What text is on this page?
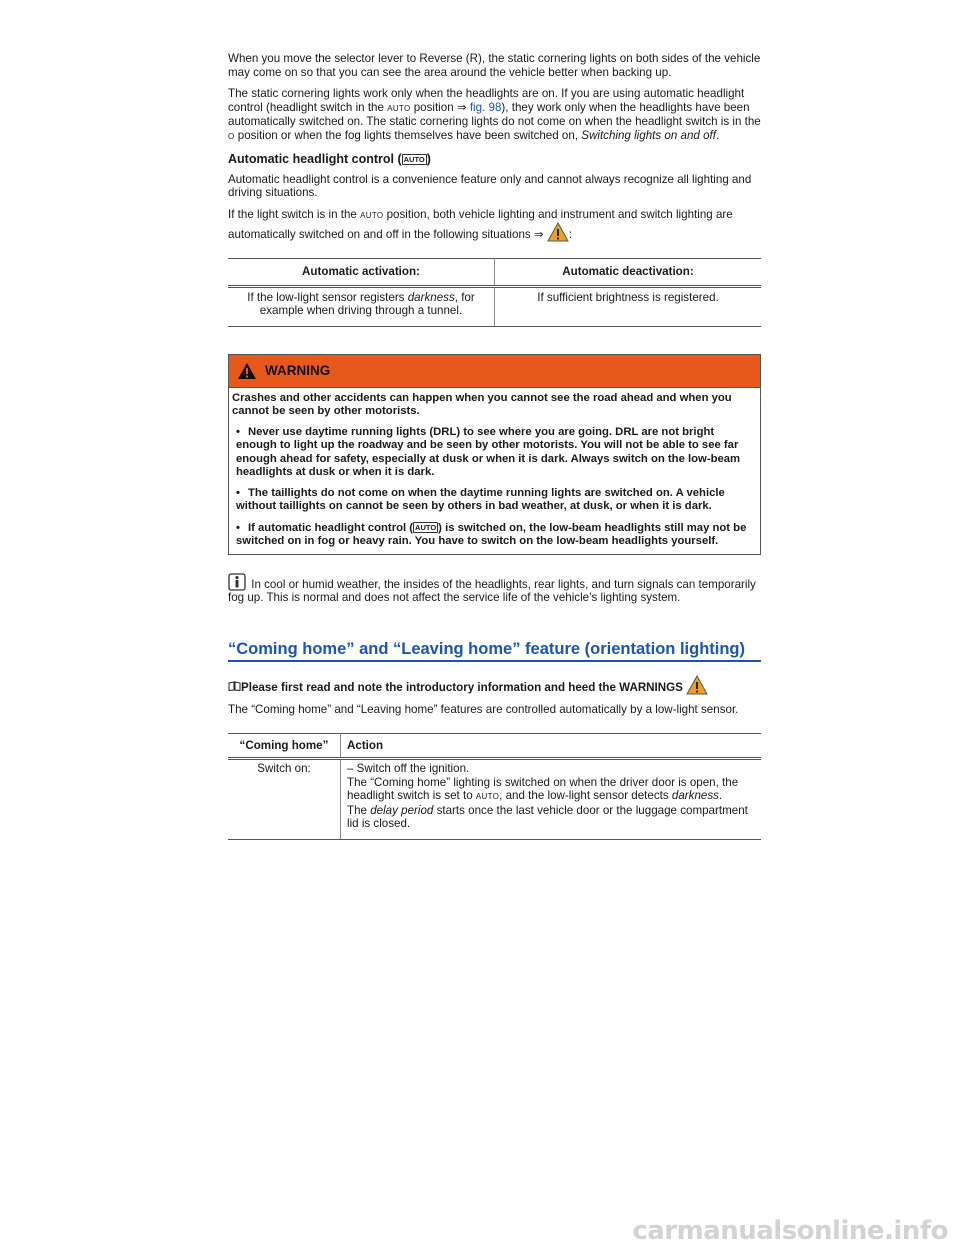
When you move the selector lever to Reverse (R), the static cornering lights on both sides of the vehicle may come on so that you can see the area around the vehicle better when backing up.

The static cornering lights work only when the headlights are on. If you are using automatic headlight control (headlight switch in the AUTO position ⇒ fig. 98), they work only when the headlights have been automatically switched on. The static cornering lights do not come on when the headlight switch is in the O position or when the fog lights themselves have been switched on, Switching lights on and off.

Automatic headlight control ( AUTO )

Automatic headlight control is a convenience feature only and cannot always recognize all lighting and driving situations.

If the light switch is in the AUTO position, both vehicle lighting and instrument and switch lighting are automatically switched on and off in the following situations ⇒ :

Automatic activation:	Automatic deactivation:
If the low-light sensor registers darkness, for example when driving through a tunnel.	If sufficient brightness is registered.
WARNING

Crashes and other accidents can happen when you cannot see the road ahead and when you cannot be seen by other motorists.

• Never use daytime running lights (DRL) to see where you are going. DRL are not bright enough to light up the roadway and be seen by other motorists. You will not be able to see far enough ahead for safety, especially at dusk or when it is dark. Always switch on the low-beam headlights at dusk or when it is dark.

• The taillights do not come on when the daytime running lights are switched on. A vehicle without taillights on cannot be seen by others in bad weather, at dusk, or when it is dark.

• If automatic headlight control ( AUTO ) is switched on, the low-beam headlights still may not be switched on in fog or heavy rain. You have to switch on the low-beam headlights yourself.

In cool or humid weather, the insides of the headlights, rear lights, and turn signals can temporarily fog up. This is normal and does not affect the service life of the vehicle’s lighting system.

“Coming home” and “Leaving home” feature (orientation lighting)

Please first read and note the introductory information and heed the WARNINGS

The “Coming home” and “Leaving home” features are controlled automatically by a low-light sensor.

“Coming home”	Action
Switch on:	– Switch off the ignition.
The “Coming home” lighting is switched on when the driver door is open, the headlight switch is set to AUTO, and the low-light sensor detects darkness.
The delay period starts once the last vehicle door or the luggage compartment lid is closed.
carmanualsonline.info
